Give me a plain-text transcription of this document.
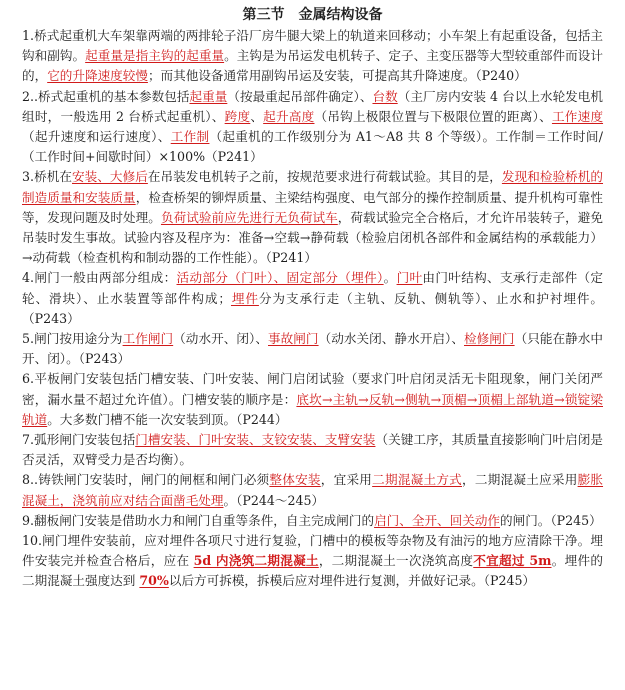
第三节　金属结构设备

1.桥式起重机大车架靠两端的两排轮子沿厂房牛腿大梁上的轨道来回移动；小车架上有起重设备，包括主钩和副钩。起重量是指主钩的起重量。主钩是为吊运发电机转子、定子、主变压器等大型较重部件而设计的，它的升降速度较慢；而其他设备通常用副钩吊运及安装，可提高其升降速度。（P240）

2..桥式起重机的基本参数包括起重量（按最重起吊部件确定）、台数（主厂房内安装 4 台以上水轮发电机组时，一般选用 2 台桥式起重机）、跨度、起升高度（吊钩上极限位置与下极限位置的距离）、工作速度（起升速度和运行速度）、工作制（起重机的工作级别分为 A1～A8 共 8 个等级）。工作制＝工作时间/（工作时间+间歇时间）×100%（P241）

3.桥机在安装、大修后在吊装发电机转子之前，按规范要求进行荷载试验。其目的是，发现和检验桥机的制造质量和安装质量，检查桥架的铆焊质量、主梁结构强度、电气部分的操作控制质量、提升机构可靠性等，发现问题及时处理。负荷试验前应先进行无负荷试车，荷载试验完全合格后，才允许吊装转子，避免吊装时发生事故。试验内容及程序为：准备→空载→静荷载（检验启闭机各部件和金属结构的承载能力）→动荷载（检查机构和制动器的工作性能）。（P241）

4.闸门一般由两部分组成：活动部分（门叶）、固定部分（埋件）。门叶由门叶结构、支承行走部件（定轮、滑块）、止水装置等部件构成；埋件分为支承行走（主轨、反轨、侧轨等）、止水和护衬埋件。（P243）

5.闸门按用途分为工作闸门（动水开、闭）、事故闸门（动水关闭、静水开启）、检修闸门（只能在静水中开、闭）。（P243）

6.平板闸门安装包括门槽安装、门叶安装、闸门启闭试验（要求门叶启闭灵活无卡阻现象，闸门关闭严密，漏水量不超过允许值）。门槽安装的顺序是：底坎→主轨→反轨→侧轨→顶楣→顶楣上部轨道→锁锭梁轨道。大多数门槽不能一次安装到顶。（P244）

7.弧形闸门安装包括门槽安装、门叶安装、支铰安装、支臂安装（关键工序，其质量直接影响门叶启闭是否灵活，双臂受力是否均衡）。

8..铸铁闸门安装时，闸门的闸框和闸门必须整体安装，宜采用二期混凝土方式，二期混凝土应采用膨胀混凝土，浇筑前应对结合面凿毛处理。（P244～245）

9.翻板闸门安装是借助水力和闸门自重等条件，自主完成闸门的启门、全开、回关动作的闸门。（P245）

10.闸门埋件安装前，应对埋件各项尺寸进行复验，门槽中的模板等杂物及有油污的地方应清除干净。埋件安装完并检查合格后，应在 5d 内浇筑二期混凝土，二期混凝土一次浇筑高度不宜超过 5m。埋件的二期混凝土强度达到 70%以后方可拆模，拆模后应对埋件进行复测，并做好记录。（P245）
